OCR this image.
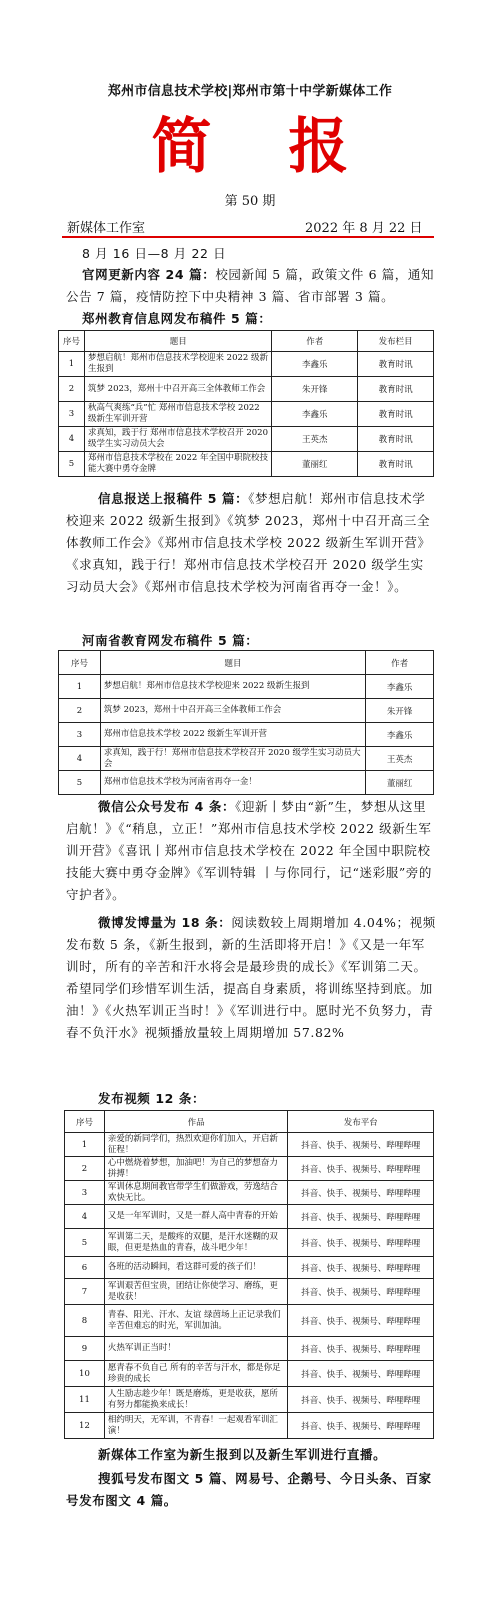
郑州市信息技术学校|郑州市第十中学新媒体工作
简 报
第 50 期
新媒体工作室	2022 年 8 月 22 日
8 月 16 日—8 月 22 日
官网更新内容 24 篇：校园新闻 5 篇，政策文件 6 篇，通知公告 7 篇，疫情防控下中央精神 3 篇、省市部署 3 篇。
郑州教育信息网发布稿件 5 篇：
序号	题目	作者	发布栏目
1	梦想启航！郑州市信息技术学校迎来 2022 级新生报到	李鑫乐	教育时讯
2	筑梦 2023，郑州十中召开高三全体教师工作会	朱开锋	教育时讯
3	秋高气爽练“兵”忙 郑州市信息技术学校 2022 级新生军训开营	李鑫乐	教育时讯
4	求真知，践于行 郑州市信息技术学校召开 2020 级学生实习动员大会	王英杰	教育时讯
5	郑州市信息技术学校在 2022 年全国中职院校技能大赛中勇夺金牌	董丽红	教育时讯
信息报送上报稿件 5 篇：《梦想启航！郑州市信息技术学校迎来 2022 级新生报到》《筑梦 2023，郑州十中召开高三全体教师工作会》《郑州市信息技术学校 2022 级新生军训开营》《求真知，践于行！郑州市信息技术学校召开 2020 级学生实习动员大会》《郑州市信息技术学校为河南省再夺一金！》。
河南省教育网发布稿件 5 篇：
序号	题目	作者
1	梦想启航！郑州市信息技术学校迎来 2022 级新生报到	李鑫乐
2	筑梦 2023，郑州十中召开高三全体教师工作会	朱开锋
3	郑州市信息技术学校 2022 级新生军训开营	李鑫乐
4	求真知，践于行！郑州市信息技术学校召开 2020 级学生实习动员大会	王英杰
5	郑州市信息技术学校为河南省再夺一金！	董丽红
微信公众号发布 4 条：《迎新丨梦由“新”生，梦想从这里启航！》《“稍息，立正！”郑州市信息技术学校 2022 级新生军训开营》《喜讯丨郑州市信息技术学校在 2022 年全国中职院校技能大赛中勇夺金牌》《军训特辑 丨与你同行，记“迷彩服”旁的守护者》。
微博发博量为 18 条：阅读数较上周期增加 4.04%；视频发布数 5 条，《新生报到，新的生活即将开启！》《又是一年军训时，所有的辛苦和汗水将会是最珍贵的成长》《军训第二天。希望同学们珍惜军训生活，提高自身素质，将训练坚持到底。加油！》《火热军训正当时！》《军训进行中。愿时光不负努力，青春不负汗水》视频播放量较上周期增加 57.82%
发布视频 12 条：
序号	作品	发布平台
1	亲爱的新同学们，热烈欢迎你们加入，开启新征程！	抖音、快手、视频号、哔哩哔哩
2	心中燃烧着梦想，加油吧！为自己的梦想奋力拼搏！	抖音、快手、视频号、哔哩哔哩
3	军训休息期间教官带学生们做游戏，劳逸结合欢快无比。	抖音、快手、视频号、哔哩哔哩
4	又是一年军训时，又是一群人高中青春的开始	抖音、快手、视频号、哔哩哔哩
5	军训第二天，是酸疼的双腿，是汗水迷糊的双眼，但更是热血的青春，战斗吧少年！	抖音、快手、视频号、哔哩哔哩
6	各班的活动瞬间，看这群可爱的孩子们！	抖音、快手、视频号、哔哩哔哩
7	军训艰苦但宝贵，团结让你使学习、磨练，更是收获！	抖音、快手、视频号、哔哩哔哩
8	青春、阳光、汗水、友谊 绿茵场上正记录我们辛苦但难忘的时光，军训加油。	抖音、快手、视频号、哔哩哔哩
9	火热军训正当时！	抖音、快手、视频号、哔哩哔哩
10	愿青春不负自己 所有的辛苦与汗水，都是你足珍贵的成长	抖音、快手、视频号、哔哩哔哩
11	人生励志趁少年！既是磨炼，更是收获，愿所有努力都能换来成长！	抖音、快手、视频号、哔哩哔哩
12	相约明天，无军训，不青春！一起观看军训汇演！	抖音、快手、视频号、哔哩哔哩
新媒体工作室为新生报到以及新生军训进行直播。
搜狐号发布图文 5 篇、网易号、企鹅号、今日头条、百家号发布图文 4 篇。
